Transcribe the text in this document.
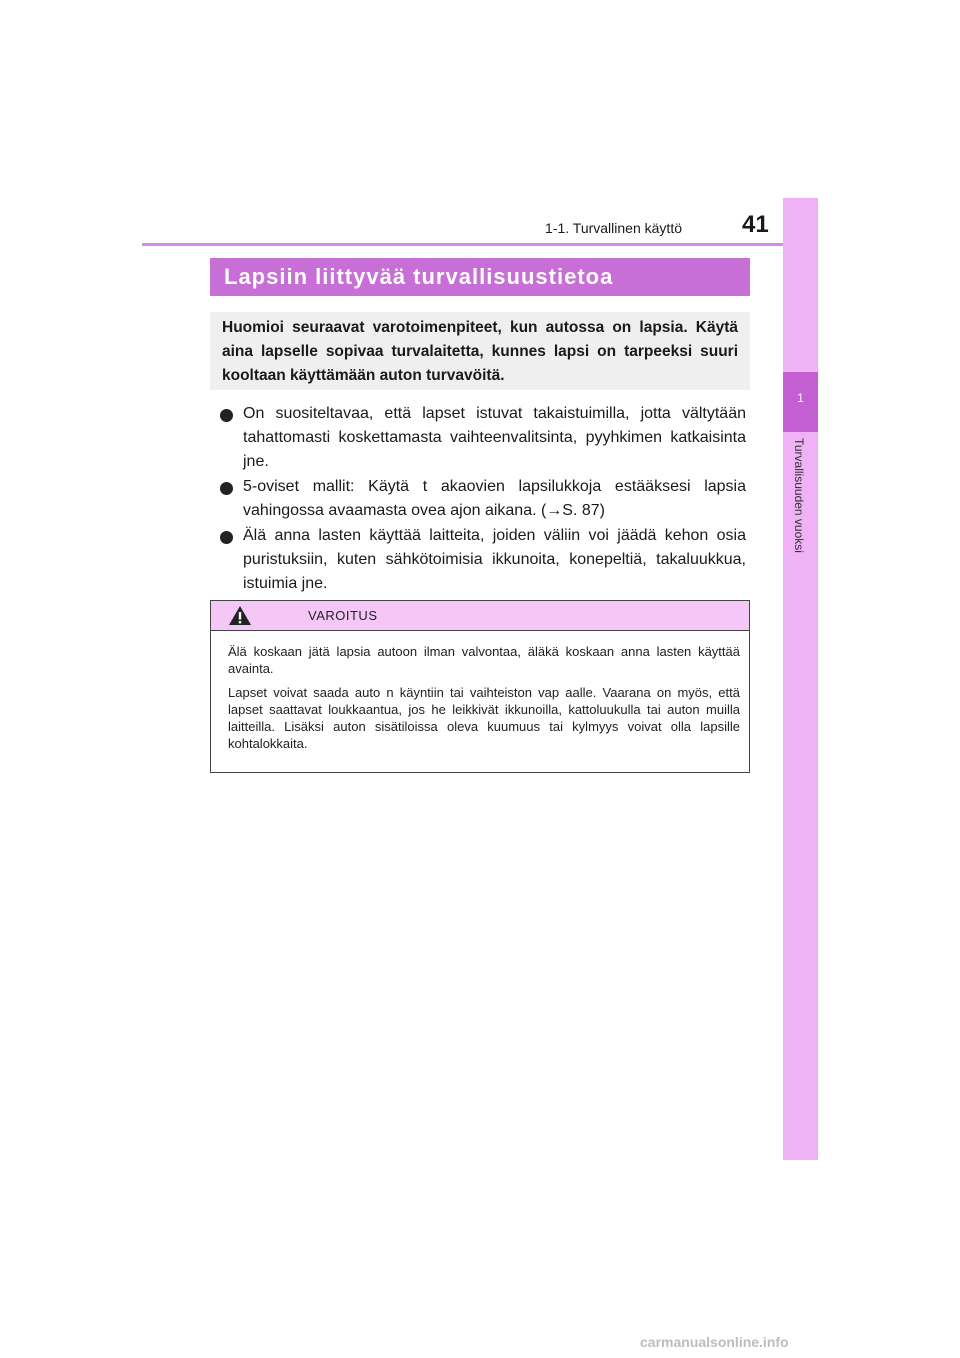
1-1. Turvallinen käyttö	41
1
Turvallisuuden vuoksi
Lapsiin liittyvää turvallisuustietoa
Huomioi seuraavat varotoimenpiteet, kun autossa on lapsia. Käytä aina lapselle sopivaa turvalaitetta, kunnes lapsi on tarpeeksi suuri kooltaan käyttämään auton turvavöitä.
On suositeltavaa, että lapset istuvat takaistuimilla, jotta vältytään tahattomasti koskettamasta vaihteenvalitsinta, pyyhkimen katkaisinta jne.
5-oviset mallit: Käytä t akaovien lapsilukkoja estääksesi lapsia vahingossa avaamasta ovea ajon aikana. (→S. 87)
Älä anna lasten käyttää laitteita, joiden väliin voi jäädä kehon osia puristuksiin, kuten sähkötoimisia ikkunoita, konepeltiä, takaluukkua, istuimia jne.
VAROITUS

Älä koskaan jätä lapsia autoon ilman valvontaa, äläkä koskaan anna lasten käyttää avainta.

Lapset voivat saada auto n käyntiin tai vaihteiston vap aalle. Vaarana on myös, että lapset saattavat loukkaantua, jos he leikkivät ikkunoilla, kattoluukulla tai auton muilla laitteilla. Lisäksi auton sisätiloissa oleva kuumuus tai kylmyys voivat olla lapsille kohtalokkaita.

carmanualsonline.info
